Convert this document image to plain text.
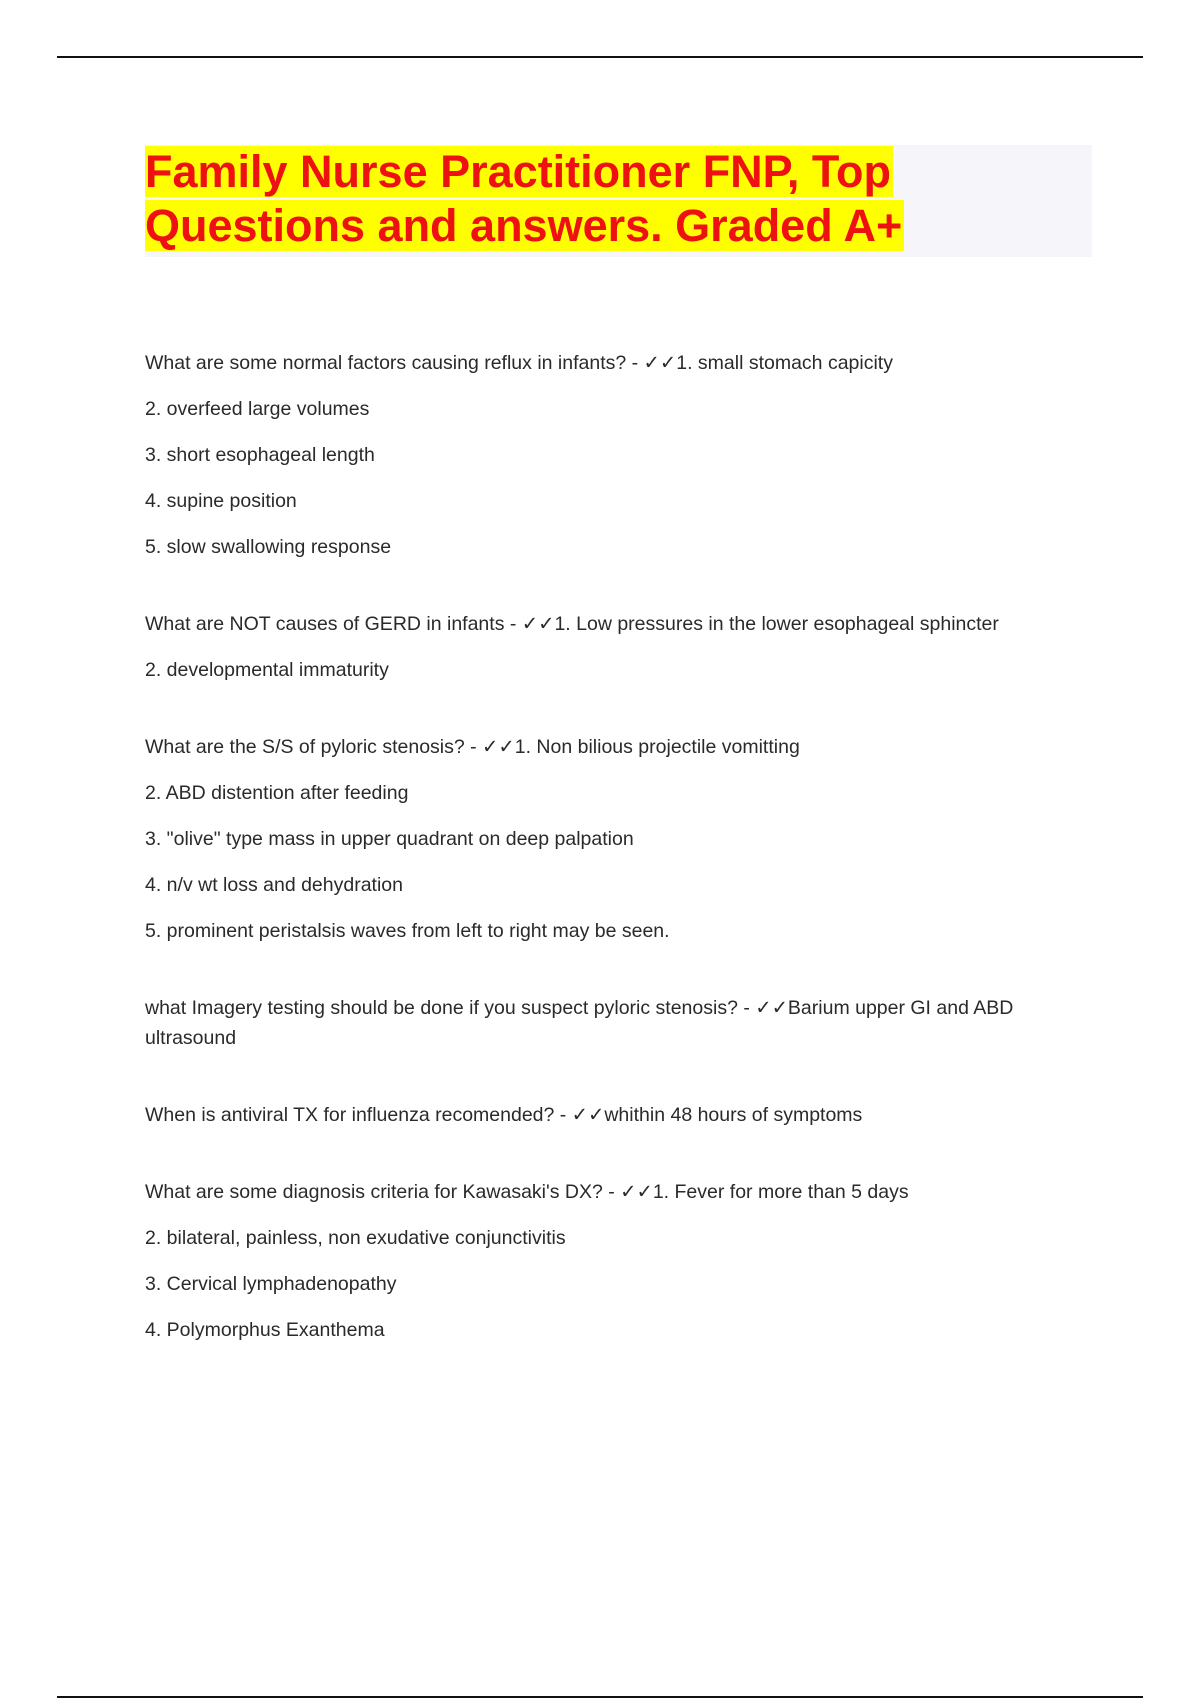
Family Nurse Practitioner FNP, Top
Questions and answers. Graded A+

What are some normal factors causing reflux in infants? - ✓✓1. small stomach capicity

2. overfeed large volumes

3. short esophageal length

4. supine position

5. slow swallowing response

What are NOT causes of GERD in infants - ✓✓1. Low pressures in the lower esophageal sphincter

2. developmental immaturity

What are the S/S of pyloric stenosis? - ✓✓1. Non bilious projectile vomitting

2. ABD distention after feeding

3. "olive" type mass in upper quadrant on deep palpation

4. n/v wt loss and dehydration

5. prominent peristalsis waves from left to right may be seen.

what Imagery testing should be done if you suspect pyloric stenosis? - ✓✓Barium upper GI and ABD ultrasound

When is antiviral TX for influenza recomended? - ✓✓whithin 48 hours of symptoms

What are some diagnosis criteria for Kawasaki's DX? - ✓✓1. Fever for more than 5 days

2. bilateral, painless, non exudative conjunctivitis

3. Cervical lymphadenopathy

4. Polymorphus Exanthema
